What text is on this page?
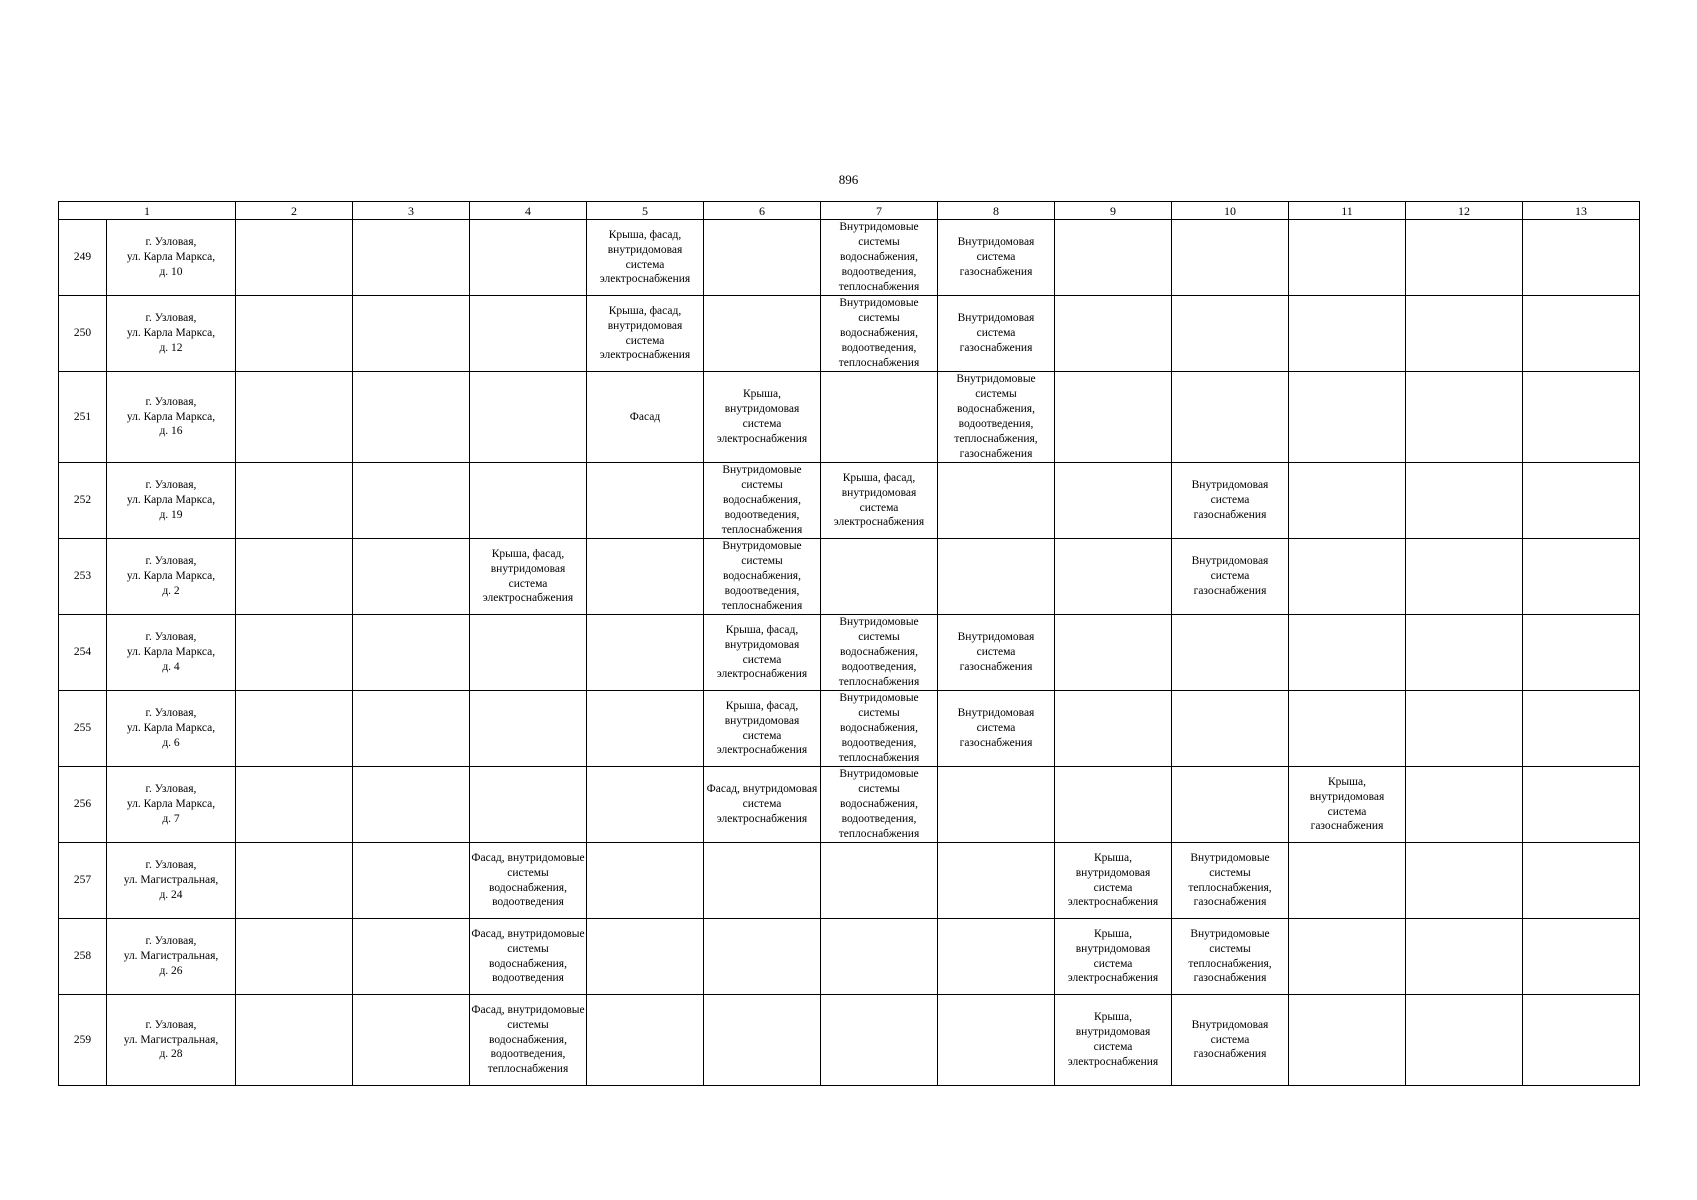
896
1		2	3	4	5	6	7	8	9	10	11	12	13
249	г. Узловая,
ул. Карла Маркса,
д. 10				Крыша, фасад, внутридомовая система электроснабжения		Внутридомовые системы водоснабжения, водоотведения, теплоснабжения	Внутридомовая система газоснабжения					

250	г. Узловая,
ул. Карла Маркса,
д. 12				Крыша, фасад, внутридомовая система электроснабжения		Внутридомовые системы водоснабжения, водоотведения, теплоснабжения	Внутридомовая система газоснабжения					

251	г. Узловая,
ул. Карла Маркса,
д. 16				Фасад	Крыша, внутридомовая система электроснабжения		Внутридомовые системы водоснабжения, водоотведения, теплоснабжения, газоснабжения					

252	г. Узловая,
ул. Карла Маркса,
д. 19					Внутридомовые системы водоснабжения, водоотведения, теплоснабжения	Крыша, фасад, внутридомовая система электроснабжения			Внутридомовая система газоснабжения			

253	г. Узловая,
ул. Карла Маркса,
д. 2			Крыша, фасад, внутридомовая система электроснабжения		Внутридомовые системы водоснабжения, водоотведения, теплоснабжения				Внутридомовая система газоснабжения			

254	г. Узловая,
ул. Карла Маркса,
д. 4					Крыша, фасад, внутридомовая система электроснабжения	Внутридомовые системы водоснабжения, водоотведения, теплоснабжения	Внутридомовая система газоснабжения					

255	г. Узловая,
ул. Карла Маркса,
д. 6					Крыша, фасад, внутридомовая система электроснабжения	Внутридомовые системы водоснабжения, водоотведения, теплоснабжения	Внутридомовая система газоснабжения					

256	г. Узловая,
ул. Карла Маркса,
д. 7					Фасад, внутридомовая система электроснабжения	Внутридомовые системы водоснабжения, водоотведения, теплоснабжения				Крыша, внутридомовая система газоснабжения		

257	г. Узловая,
ул. Магистральная,
д. 24			Фасад, внутридомовые системы водоснабжения, водоотведения					Крыша, внутридомовая система электроснабжения	Внутридомовые системы теплоснабжения, газоснабжения			

258	г. Узловая,
ул. Магистральная,
д. 26			Фасад, внутридомовые системы водоснабжения, водоотведения					Крыша, внутридомовая система электроснабжения	Внутридомовые системы теплоснабжения, газоснабжения			

259	г. Узловая,
ул. Магистральная,
д. 28			Фасад, внутридомовые системы водоснабжения, водоотведения, теплоснабжения					Крыша, внутридомовая система электроснабжения	Внутридомовая система газоснабжения			
